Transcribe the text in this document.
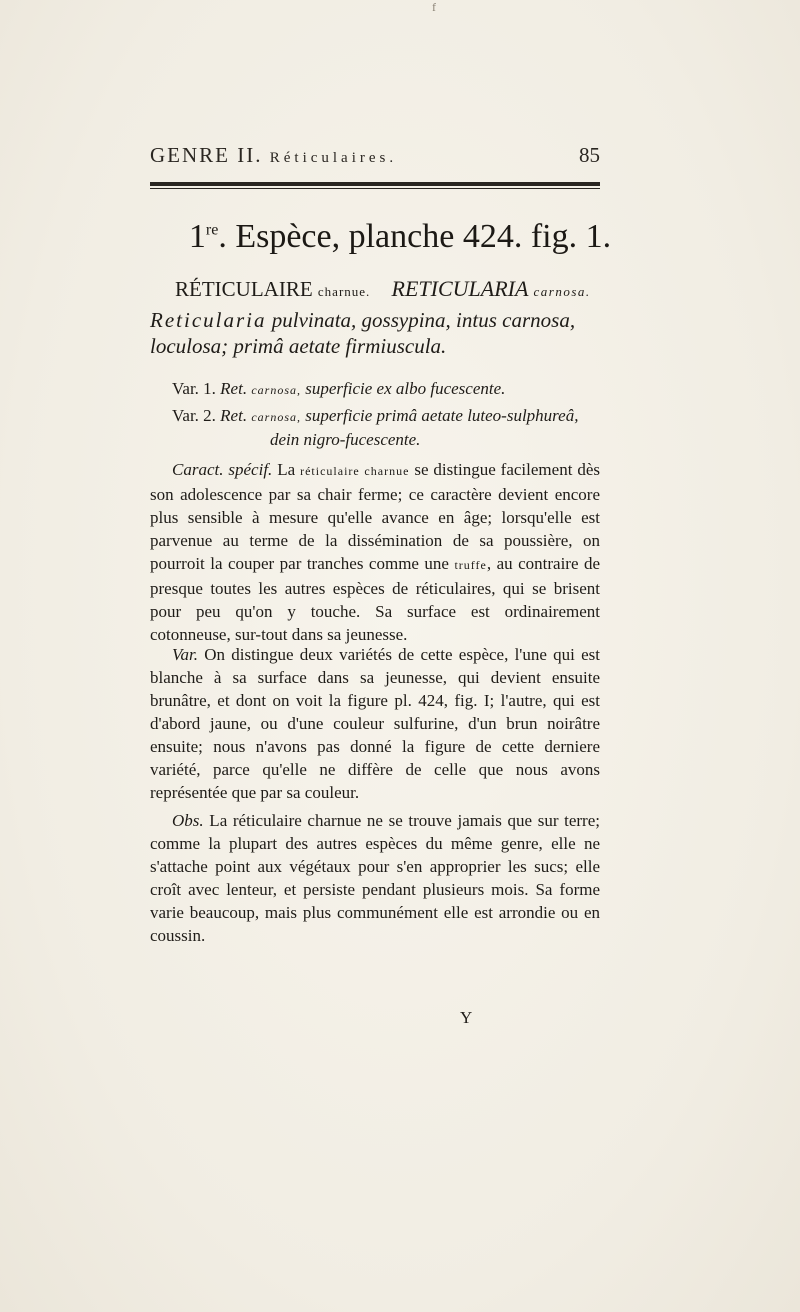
f
GENRE II. Réticulaires.	85
1re. Espèce, planche 424. fig. 1.
RÉTICULAIRE charnue. RETICULARIA carnosa.
Reticularia pulvinata, gossypina, intus carnosa, loculosa; primâ aetate firmiuscula.
Var. 1. Ret. carnosa, superficie ex albo fucescente.
Var. 2. Ret. carnosa, superficie primâ aetate luteo-sulphureâ,
dein nigro-fucescente.
Caract. spécif. La réticulaire charnue se distingue facilement dès son adolescence par sa chair ferme; ce caractère devient encore plus sensible à mesure qu'elle avance en âge; lorsqu'elle est parvenue au terme de la dissémination de sa poussière, on pourroit la couper par tranches comme une truffe, au contraire de presque toutes les autres espèces de réticulaires, qui se brisent pour peu qu'on y touche. Sa surface est ordinairement cotonneuse, sur-tout dans sa jeunesse.
Var. On distingue deux variétés de cette espèce, l'une qui est blanche à sa surface dans sa jeunesse, qui devient ensuite brunâtre, et dont on voit la figure pl. 424, fig. I; l'autre, qui est d'abord jaune, ou d'une couleur sulfurine, d'un brun noirâtre ensuite; nous n'avons pas donné la figure de cette derniere variété, parce qu'elle ne diffère de celle que nous avons représentée que par sa couleur.
Obs. La réticulaire charnue ne se trouve jamais que sur terre; comme la plupart des autres espèces du même genre, elle ne s'attache point aux végétaux pour s'en approprier les sucs; elle croît avec lenteur, et persiste pendant plusieurs mois. Sa forme varie beaucoup, mais plus communément elle est arrondie ou en coussin.
Y
